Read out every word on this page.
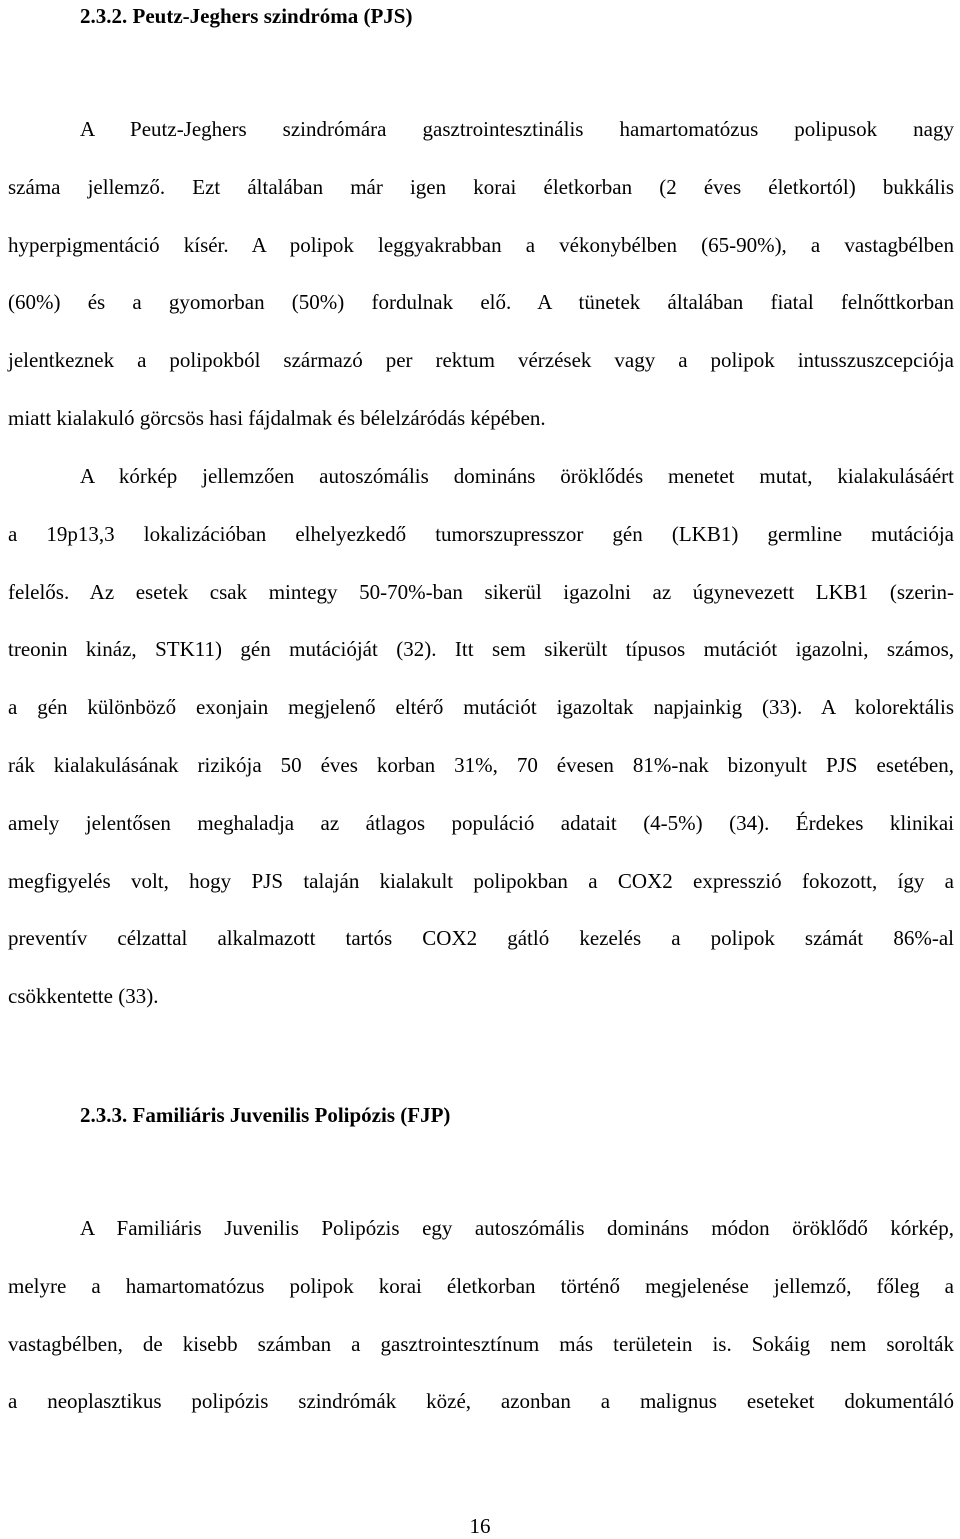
2.3.2. Peutz-Jeghers szindróma (PJS)
A Peutz-Jeghers szindrómára gasztrointesztinális hamartomatózus polipusok nagy
száma jellemző. Ezt általában már igen korai életkorban (2 éves életkortól) bukkális
hyperpigmentáció kísér. A polipok leggyakrabban a vékonybélben (65-90%), a vastagbélben
(60%) és a gyomorban (50%) fordulnak elő. A tünetek általában fiatal felnőttkorban
jelentkeznek a polipokból származó per rektum vérzések vagy a polipok intusszuszcepciója
miatt kialakuló görcsös hasi fájdalmak és bélelzáródás képében.
A kórkép jellemzően autoszómális domináns öröklődés menetet mutat, kialakulásáért
a 19p13,3 lokalizációban elhelyezkedő tumorszupresszor gén (LKB1) germline mutációja
felelős. Az esetek csak mintegy 50-70%-ban sikerül igazolni az úgynevezett LKB1 (szerin-
treonin kináz, STK11) gén mutációját (32). Itt sem sikerült típusos mutációt igazolni, számos,
a gén különböző exonjain megjelenő eltérő mutációt igazoltak napjainkig (33). A kolorektális
rák kialakulásának rizikója 50 éves korban 31%, 70 évesen 81%-nak bizonyult PJS esetében,
amely jelentősen meghaladja az átlagos populáció adatait (4-5%) (34). Érdekes klinikai
megfigyelés volt, hogy PJS talaján kialakult polipokban a COX2 expresszió fokozott, így a
preventív célzattal alkalmazott tartós COX2 gátló kezelés a polipok számát 86%-al
csökkentette (33).
2.3.3. Familiáris Juvenilis Polipózis (FJP)
A Familiáris Juvenilis Polipózis egy autoszómális domináns módon öröklődő kórkép,
melyre a hamartomatózus polipok korai életkorban történő megjelenése jellemző, főleg a
vastagbélben, de kisebb számban a gasztrointesztínum más területein is. Sokáig nem sorolták
a neoplasztikus polipózis szindrómák közé, azonban a malignus eseteket dokumentáló
16
